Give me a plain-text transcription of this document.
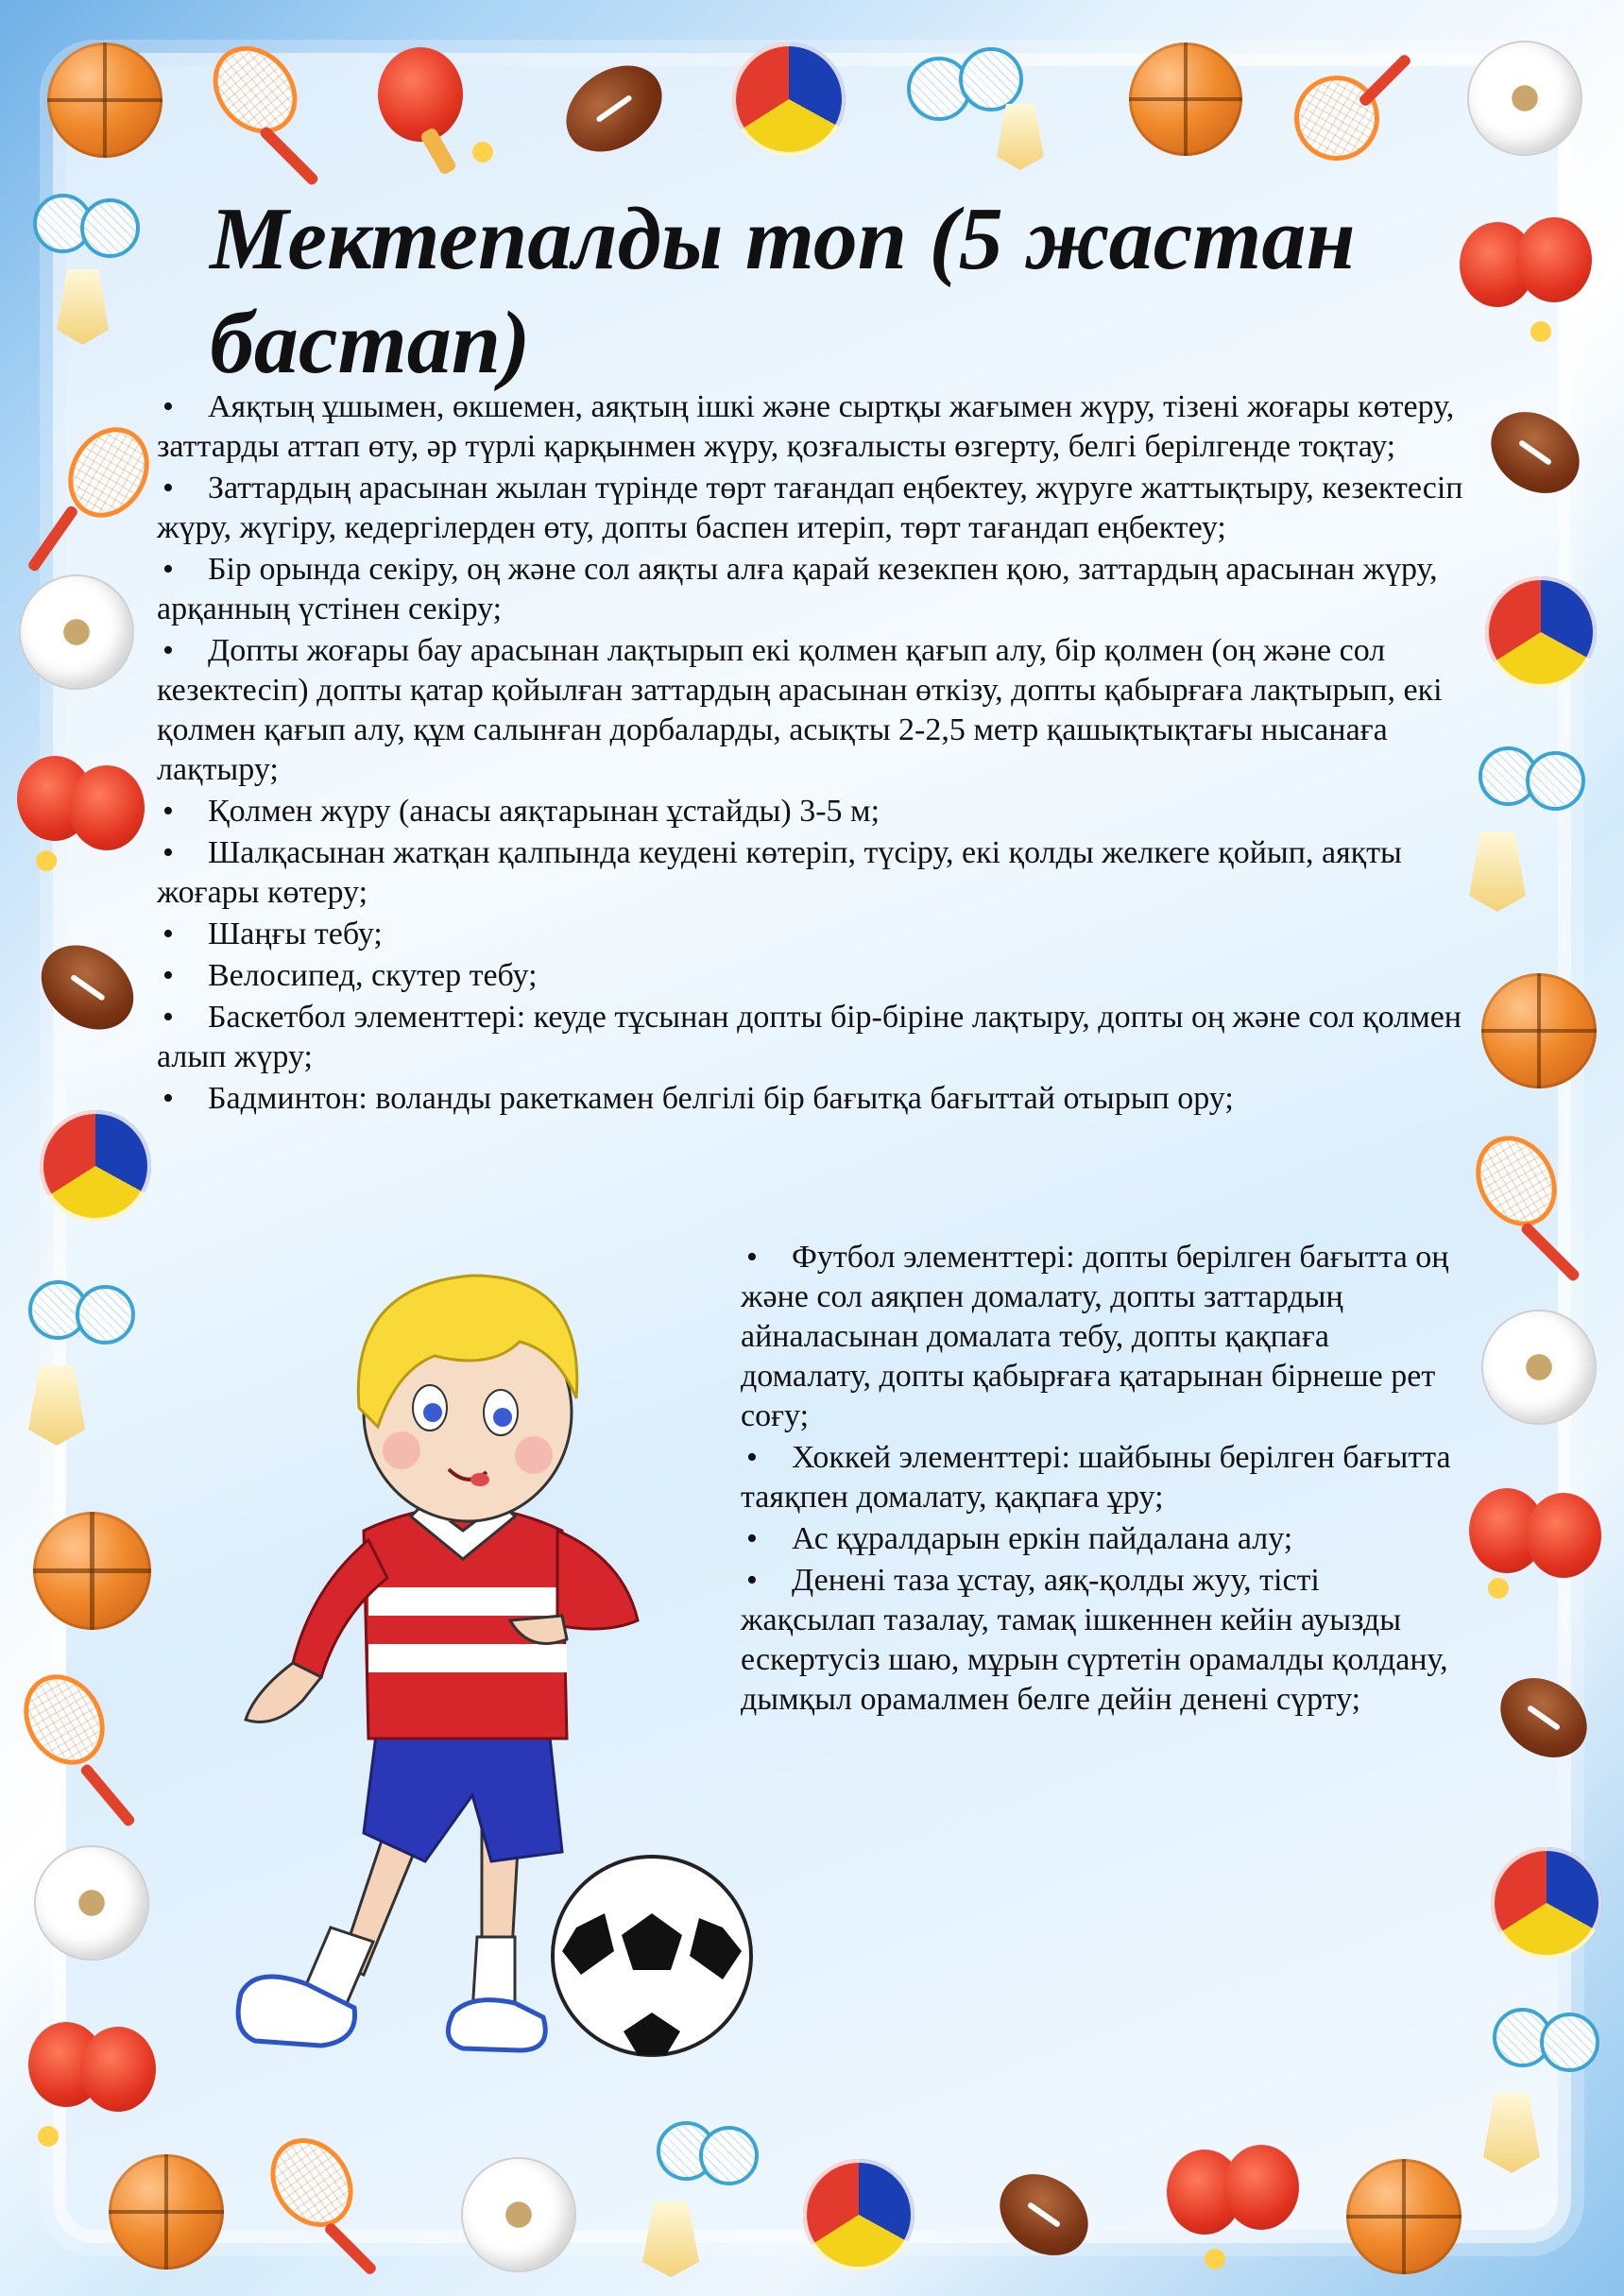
Мектепалды топ (5 жастан бастап)
• Аяқтың ұшымен, өкшемен, аяқтың ішкі және сыртқы жағымен жүру, тізені жоғары көтеру, заттарды аттап өту, әр түрлі қарқынмен жүру, қозғалысты өзгерту, белгі берілгенде тоқтау;
• Заттардың арасынан жылан түрінде төрт тағандап еңбектеу, жүруге жаттықтыру, кезектесіп жүру, жүгіру, кедергілерден өту, допты баспен итеріп, төрт тағандап еңбектеу;
• Бір орында секіру, оң және сол аяқты алға қарай кезекпен қою, заттардың арасынан жүру, арқанның үстінен секіру;
• Допты жоғары бау арасынан лақтырып екі қолмен қағып алу, бір қолмен (оң және сол кезектесіп) допты қатар қойылған заттардың арасынан өткізу, допты қабырғаға лақтырып, екі қолмен қағып алу, құм салынған дорбаларды, асықты 2-2,5 метр қашықтықтағы нысанаға лақтыру;
• Қолмен жүру (анасы аяқтарынан ұстайды) 3-5 м;
• Шалқасынан жатқан қалпында кеудені көтеріп, түсіру, екі қолды желкеге қойып, аяқты жоғары көтеру;
• Шаңғы тебу;
• Велосипед, скутер тебу;
• Баскетбол элементтері: кеуде тұсынан допты бір-біріне лақтыру, допты оң және сол қолмен алып жүру;
• Бадминтон: воланды ракеткамен белгілі бір бағытқа бағыттай отырып ору;
• Футбол элементтері: допты берілген бағытта оң және сол аяқпен домалату, допты заттардың айналасынан домалата тебу, допты қақпаға домалату, допты қабырғаға қатарынан бірнеше рет соғу;
• Хоккей элементтері: шайбыны берілген бағытта таяқпен домалату, қақпаға ұру;
• Ас құралдарын еркін пайдалана алу;
• Денені таза ұстау, аяқ-қолды жуу, тісті жақсылап тазалау, тамақ ішкеннен кейін ауызды ескертусіз шаю, мұрын сүртетін орамалды қолдану, дымқыл орамалмен белге дейін денені сүрту;
